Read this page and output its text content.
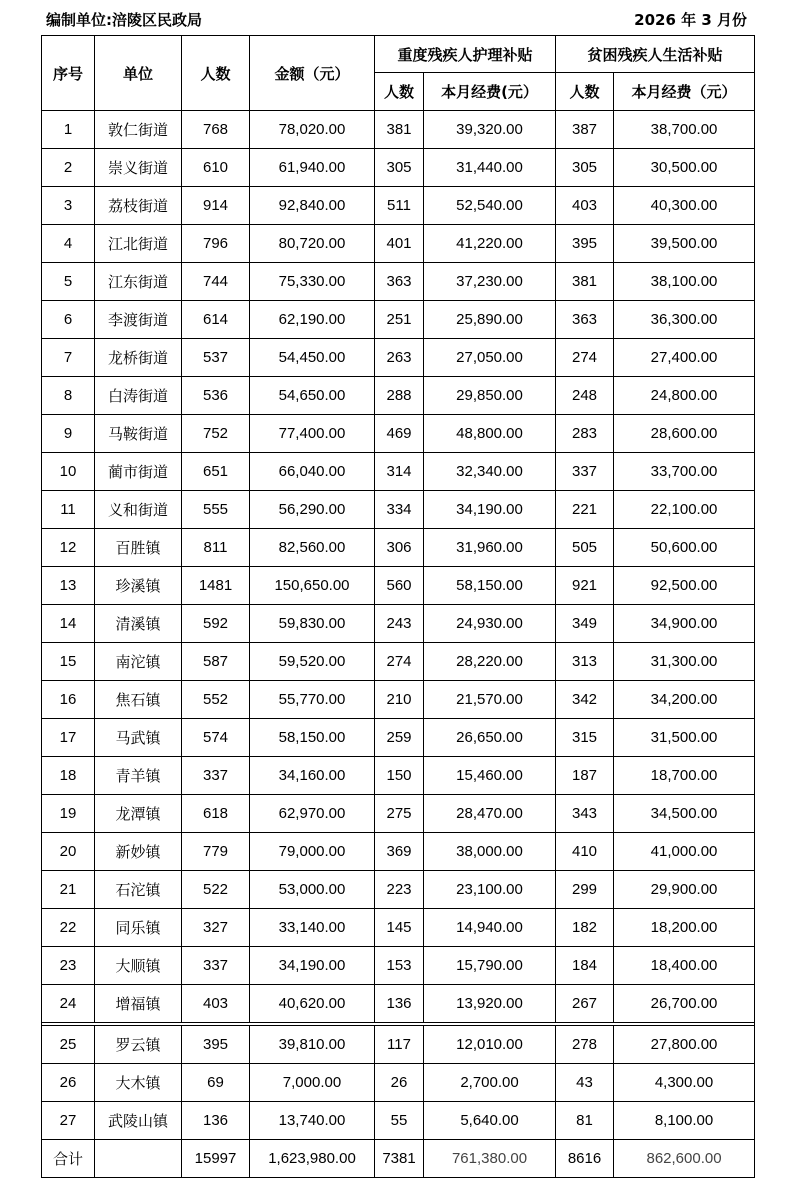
编制单位:涪陵区民政局	2026 年 3 月份
序号	单位	人数	金额（元）	重度残疾人护理补贴		贫困残疾人生活补贴	
				人数	本月经费(元）	人数	本月经费（元）
1	敦仁街道	768	78,020.00	381	39,320.00	387	38,700.00
2	崇义街道	610	61,940.00	305	31,440.00	305	30,500.00
3	荔枝街道	914	92,840.00	511	52,540.00	403	40,300.00
4	江北街道	796	80,720.00	401	41,220.00	395	39,500.00
5	江东街道	744	75,330.00	363	37,230.00	381	38,100.00
6	李渡街道	614	62,190.00	251	25,890.00	363	36,300.00
7	龙桥街道	537	54,450.00	263	27,050.00	274	27,400.00
8	白涛街道	536	54,650.00	288	29,850.00	248	24,800.00
9	马鞍街道	752	77,400.00	469	48,800.00	283	28,600.00
10	蔺市街道	651	66,040.00	314	32,340.00	337	33,700.00
11	义和街道	555	56,290.00	334	34,190.00	221	22,100.00
12	百胜镇	811	82,560.00	306	31,960.00	505	50,600.00
13	珍溪镇	1481	150,650.00	560	58,150.00	921	92,500.00
14	清溪镇	592	59,830.00	243	24,930.00	349	34,900.00
15	南沱镇	587	59,520.00	274	28,220.00	313	31,300.00
16	焦石镇	552	55,770.00	210	21,570.00	342	34,200.00
17	马武镇	574	58,150.00	259	26,650.00	315	31,500.00
18	青羊镇	337	34,160.00	150	15,460.00	187	18,700.00
19	龙潭镇	618	62,970.00	275	28,470.00	343	34,500.00
20	新妙镇	779	79,000.00	369	38,000.00	410	41,000.00
21	石沱镇	522	53,000.00	223	23,100.00	299	29,900.00
22	同乐镇	327	33,140.00	145	14,940.00	182	18,200.00
23	大顺镇	337	34,190.00	153	15,790.00	184	18,400.00
24	增福镇	403	40,620.00	136	13,920.00	267	26,700.00

25	罗云镇	395	39,810.00	117	12,010.00	278	27,800.00
26	大木镇	69	7,000.00	26	2,700.00	43	4,300.00
27	武陵山镇	136	13,740.00	55	5,640.00	81	8,100.00
合计		15997	1,623,980.00	7381	761,380.00	8616	862,600.00
